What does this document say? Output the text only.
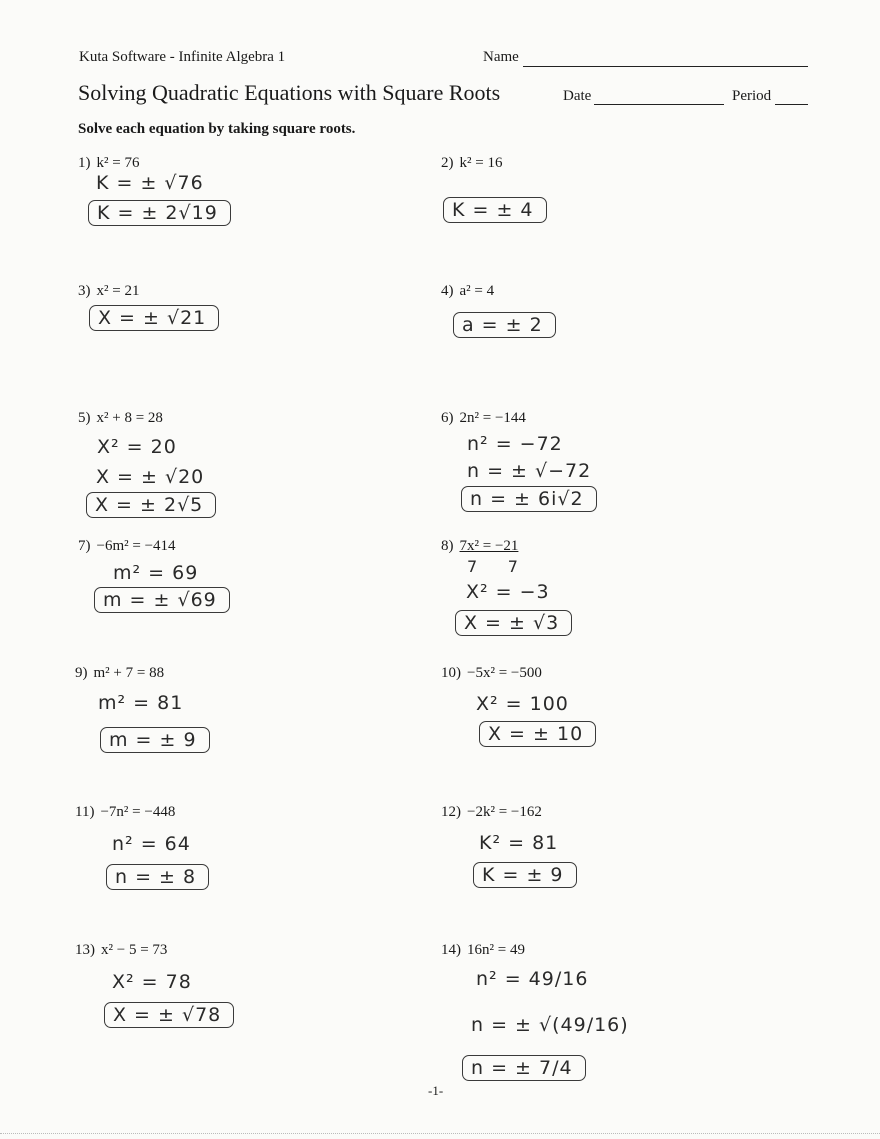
Kuta Software - Infinite Algebra 1	Name
Solving Quadratic Equations with Square Roots	Date	Period
Solve each equation by taking square roots.
1) k² = 76
K = ± √76
K = ± 2√19
2) k² = 16
K = ± 4
3) x² = 21
X = ± √21
4) a² = 4
a = ± 2
5) x² + 8 = 28
X² = 20
X = ± √20
X = ± 2√5
6) 2n² = −144
n² = −72
n = ± √−72
n = ± 6i√2
7) −6m² = −414
m² = 69
m = ± √69
8) 7x² = −21
7      7
X² = −3
X = ± √3
9) m² + 7 = 88
m² = 81
m = ± 9
10) −5x² = −500
X² = 100
X = ± 10
11) −7n² = −448
n² = 64
n = ± 8
12) −2k² = −162
K² = 81
K = ± 9
13) x² − 5 = 73
X² = 78
X = ± √78
14) 16n² = 49
n² = 49/16
n = ± √(49/16)
n = ± 7/4
-1-
